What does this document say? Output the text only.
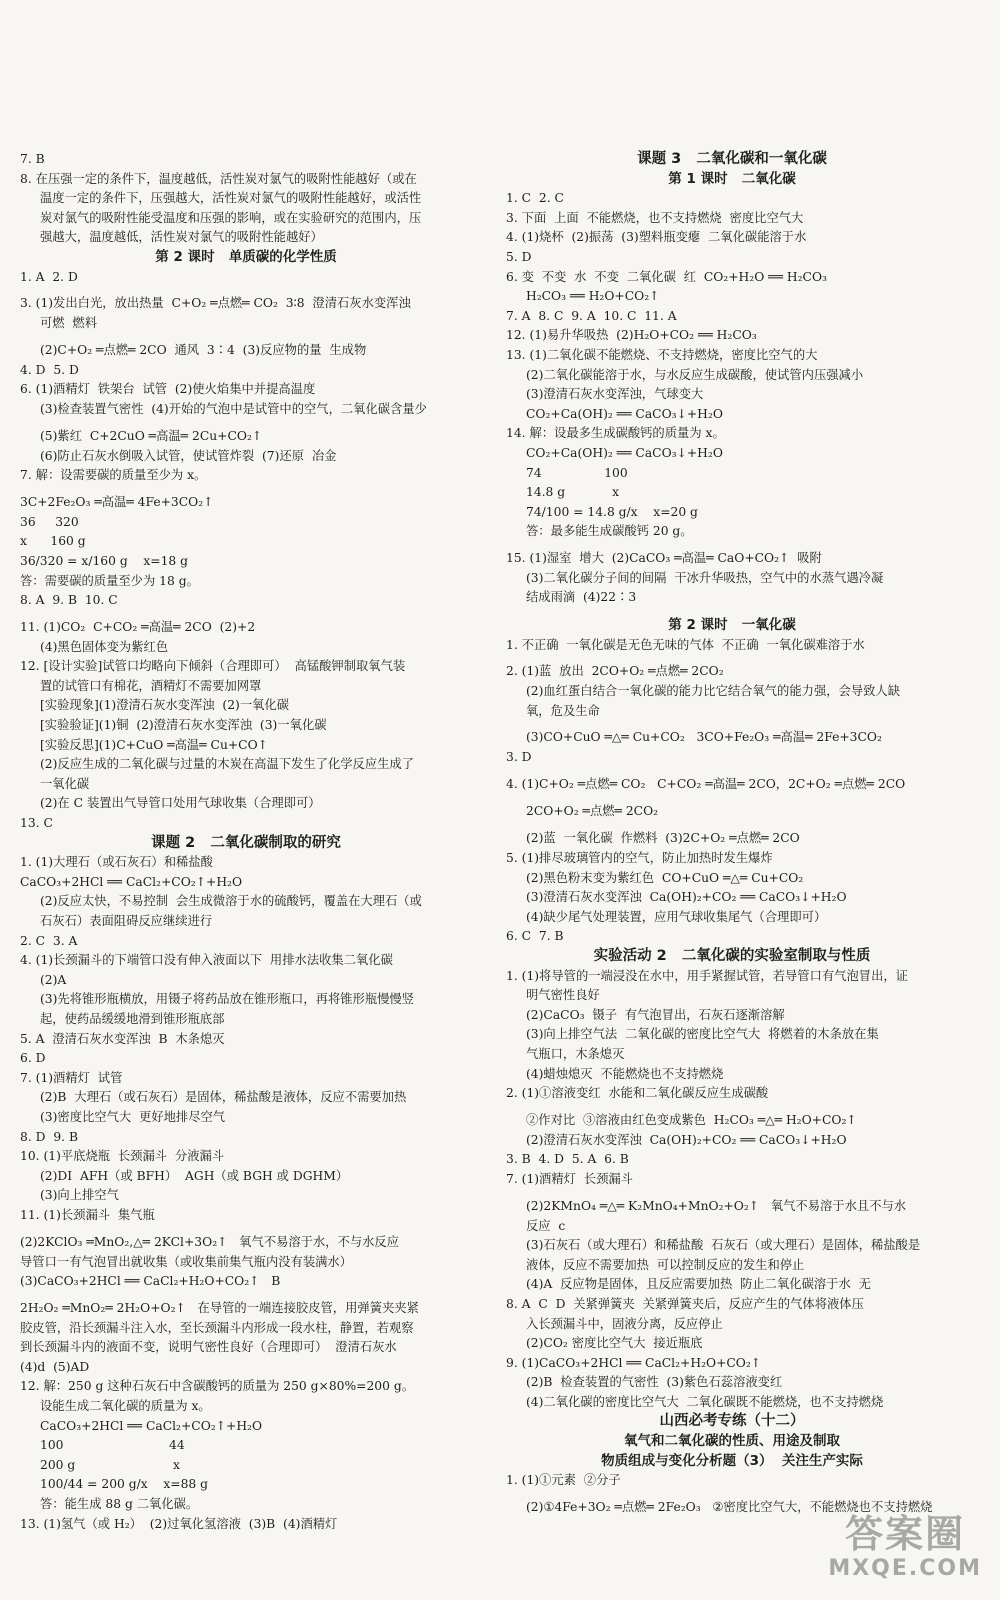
7. B
8. 在压强一定的条件下，温度越低，活性炭对氯气的吸附性能越好（或在
温度一定的条件下，压强越大，活性炭对氯气的吸附性能越好，或活性
炭对氯气的吸附性能受温度和压强的影响，或在实验研究的范围内，压
强越大，温度越低，活性炭对氯气的吸附性能越好）
第 2 课时   单质碳的化学性质
1. A  2. D
3. (1)发出白光，放出热量  C+O₂ ═点燃═ CO₂  3∶8  澄清石灰水变浑浊
可燃  燃料
(2)C+O₂ ═点燃═ 2CO  通风  3∶4  (3)反应物的量  生成物
4. D  5. D
6. (1)酒精灯  铁架台  试管  (2)使火焰集中并提高温度
(3)检查装置气密性  (4)开始的气泡中是试管中的空气，二氧化碳含量少
(5)紫红  C+2CuO ═高温═ 2Cu+CO₂↑
(6)防止石灰水倒吸入试管，使试管炸裂  (7)还原  冶金
7. 解：设需要碳的质量至少为 x。
3C+2Fe₂O₃ ═高温═ 4Fe+3CO₂↑
36     320
x      160 g
36/320 = x/160 g    x=18 g
答：需要碳的质量至少为 18 g。
8. A  9. B  10. C
11. (1)CO₂  C+CO₂ ═高温═ 2CO  (2)+2
(4)黑色固体变为紫红色
12. [设计实验]试管口均略向下倾斜（合理即可）  高锰酸钾制取氧气装
置的试管口有棉花，酒精灯不需要加网罩
[实验现象](1)澄清石灰水变浑浊  (2)一氧化碳
[实验验证](1)铜  (2)澄清石灰水变浑浊  (3)一氧化碳
[实验反思](1)C+CuO ═高温═ Cu+CO↑
(2)反应生成的二氧化碳与过量的木炭在高温下发生了化学反应生成了
一氧化碳
(2)在 C 装置出气导管口处用气球收集（合理即可）
13. C
课题 2   二氧化碳制取的研究
1. (1)大理石（或石灰石）和稀盐酸
CaCO₃+2HCl ══ CaCl₂+CO₂↑+H₂O
(2)反应太快，不易控制  会生成微溶于水的硫酸钙，覆盖在大理石（或
石灰石）表面阻碍反应继续进行
2. C  3. A
4. (1)长颈漏斗的下端管口没有伸入液面以下  用排水法收集二氧化碳
(2)A
(3)先将锥形瓶横放，用镊子将药品放在锥形瓶口，再将锥形瓶慢慢竖
起，使药品缓缓地滑到锥形瓶底部
5. A  澄清石灰水变浑浊  B  木条熄灭
6. D
7. (1)酒精灯  试管
(2)B  大理石（或石灰石）是固体，稀盐酸是液体，反应不需要加热
(3)密度比空气大  更好地排尽空气
8. D  9. B
10. (1)平底烧瓶  长颈漏斗  分液漏斗
(2)DI  AFH（或 BFH）  AGH（或 BGH 或 DGHM）
(3)向上排空气
11. (1)长颈漏斗  集气瓶
(2)2KClO₃ ═MnO₂,△═ 2KCl+3O₂↑   氧气不易溶于水，不与水反应
导管口一有气泡冒出就收集（或收集前集气瓶内没有装满水）
(3)CaCO₃+2HCl ══ CaCl₂+H₂O+CO₂↑   B
2H₂O₂ ═MnO₂═ 2H₂O+O₂↑   在导管的一端连接胶皮管，用弹簧夹夹紧
胶皮管，沿长颈漏斗注入水，至长颈漏斗内形成一段水柱，静置，若观察
到长颈漏斗内的液面不变，说明气密性良好（合理即可）  澄清石灰水
(4)d  (5)AD
12. 解：250 g 这种石灰石中含碳酸钙的质量为 250 g×80%=200 g。
设能生成二氧化碳的质量为 x。
CaCO₃+2HCl ══ CaCl₂+CO₂↑+H₂O
100                           44
200 g                         x
100/44 = 200 g/x    x=88 g
答：能生成 88 g 二氧化碳。
13. (1)氢气（或 H₂）  (2)过氧化氢溶液  (3)B  (4)酒精灯
课题 3   二氧化碳和一氧化碳
第 1 课时   二氧化碳
1. C  2. C
3. 下面  上面  不能燃烧，也不支持燃烧  密度比空气大
4. (1)烧杯  (2)振荡  (3)塑料瓶变瘪  二氧化碳能溶于水
5. D
6. 变  不变  水  不变  二氧化碳  红  CO₂+H₂O ══ H₂CO₃
H₂CO₃ ══ H₂O+CO₂↑
7. A  8. C  9. A  10. C  11. A
12. (1)易升华吸热  (2)H₂O+CO₂ ══ H₂CO₃
13. (1)二氧化碳不能燃烧、不支持燃烧，密度比空气的大
(2)二氧化碳能溶于水，与水反应生成碳酸，使试管内压强减小
(3)澄清石灰水变浑浊，气球变大
CO₂+Ca(OH)₂ ══ CaCO₃↓+H₂O
14. 解：设最多生成碳酸钙的质量为 x。
CO₂+Ca(OH)₂ ══ CaCO₃↓+H₂O
74                100
14.8 g            x
74/100 = 14.8 g/x    x=20 g
答：最多能生成碳酸钙 20 g。
15. (1)湿室  增大  (2)CaCO₃ ═高温═ CaO+CO₂↑  吸附
(3)二氧化碳分子间的间隔  干冰升华吸热，空气中的水蒸气遇冷凝
结成雨滴  (4)22∶3
第 2 课时   一氧化碳
1. 不正确  一氧化碳是无色无味的气体  不正确  一氧化碳难溶于水
2. (1)蓝  放出  2CO+O₂ ═点燃═ 2CO₂
(2)血红蛋白结合一氧化碳的能力比它结合氧气的能力强，会导致人缺
氧，危及生命
(3)CO+CuO ═△═ Cu+CO₂   3CO+Fe₂O₃ ═高温═ 2Fe+3CO₂
3. D
4. (1)C+O₂ ═点燃═ CO₂   C+CO₂ ═高温═ 2CO，2C+O₂ ═点燃═ 2CO
2CO+O₂ ═点燃═ 2CO₂
(2)蓝  一氧化碳  作燃料  (3)2C+O₂ ═点燃═ 2CO
5. (1)排尽玻璃管内的空气，防止加热时发生爆炸
(2)黑色粉末变为紫红色  CO+CuO ═△═ Cu+CO₂
(3)澄清石灰水变浑浊  Ca(OH)₂+CO₂ ══ CaCO₃↓+H₂O
(4)缺少尾气处理装置，应用气球收集尾气（合理即可）
6. C  7. B
实验活动 2   二氧化碳的实验室制取与性质
1. (1)将导管的一端浸没在水中，用手紧握试管，若导管口有气泡冒出，证
明气密性良好
(2)CaCO₃  镊子  有气泡冒出，石灰石逐渐溶解
(3)向上排空气法  二氧化碳的密度比空气大  将燃着的木条放在集
气瓶口，木条熄灭
(4)蜡烛熄灭  不能燃烧也不支持燃烧
2. (1)①溶液变红  水能和二氧化碳反应生成碳酸
②作对比  ③溶液由红色变成紫色  H₂CO₃ ═△═ H₂O+CO₂↑
(2)澄清石灰水变浑浊  Ca(OH)₂+CO₂ ══ CaCO₃↓+H₂O
3. B  4. D  5. A  6. B
7. (1)酒精灯  长颈漏斗
(2)2KMnO₄ ═△═ K₂MnO₄+MnO₂+O₂↑   氧气不易溶于水且不与水
反应  c
(3)石灰石（或大理石）和稀盐酸  石灰石（或大理石）是固体，稀盐酸是
液体，反应不需要加热  可以控制反应的发生和停止
(4)A  反应物是固体，且反应需要加热  防止二氧化碳溶于水  无
8. A  C  D  关紧弹簧夹  关紧弹簧夹后，反应产生的气体将液体压
入长颈漏斗中，固液分离，反应停止
(2)CO₂ 密度比空气大  接近瓶底
9. (1)CaCO₃+2HCl ══ CaCl₂+H₂O+CO₂↑
(2)B  检查装置的气密性  (3)紫色石蕊溶液变红
(4)二氧化碳的密度比空气大  二氧化碳既不能燃烧，也不支持燃烧
山西必考专练（十二）
氧气和二氧化碳的性质、用途及制取
物质组成与变化分析题（3）  关注生产实际
1. (1)①元素  ②分子
(2)①4Fe+3O₂ ═点燃═ 2Fe₂O₃   ②密度比空气大，不能燃烧也不支持燃烧
答案圈
MXQE.COM
